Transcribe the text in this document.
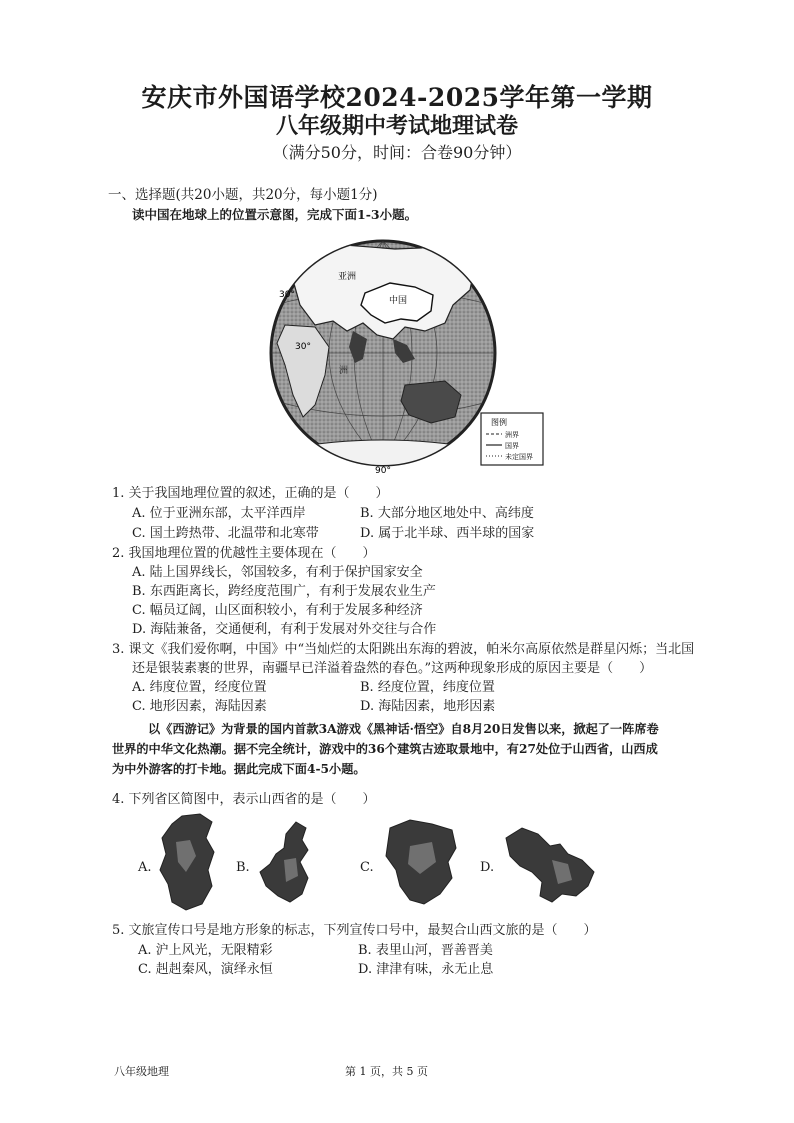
安庆市外国语学校2024-2025学年第一学期
八年级期中考试地理试卷
（满分50分，时间：合卷90分钟）
一、选择题(共20小题，共20分，每小题1分)
读中国在地球上的位置示意图，完成下面1-3小题。
亚洲
中国
30°
30°
洲
90°
图例
洲界
国界
未定国界
1. 关于我国地理位置的叙述，正确的是（　　）
A. 位于亚洲东部，太平洋西岸	B. 大部分地区地处中、高纬度
C. 国土跨热带、北温带和北寒带	D. 属于北半球、西半球的国家
2. 我国地理位置的优越性主要体现在（　　）
A. 陆上国界线长，邻国较多，有利于保护国家安全
B. 东西距离长，跨经度范围广，有利于发展农业生产
C. 幅员辽阔，山区面积较小，有利于发展多种经济
D. 海陆兼备，交通便利，有利于发展对外交往与合作
3. 课文《我们爱你啊，中国》中“当灿烂的太阳跳出东海的碧波，帕米尔高原依然是群星闪烁；当北国
还是银装素裹的世界，南疆早已洋溢着盎然的春色。”这两种现象形成的原因主要是（　　）
A. 纬度位置，经度位置	B. 经度位置，纬度位置
C. 地形因素，海陆因素	D. 海陆因素，地形因素
以《西游记》为背景的国内首款3A游戏《黑神话·悟空》自8月20日发售以来，掀起了一阵席卷
世界的中华文化热潮。据不完全统计，游戏中的36个建筑古迹取景地中，有27处位于山西省，山西成
为中外游客的打卡地。据此完成下面4-5小题。
4. 下列省区简图中，表示山西省的是（　　）
A.	B.	C.	D.
5. 文旅宣传口号是地方形象的标志，下列宣传口号中，最契合山西文旅的是（　　）
A. 沪上风光，无限精彩	B. 表里山河，晋善晋美
C. 赳赳秦风，演绎永恒	D. 津津有味，永无止息
八年级地理	第 1 页，共 5 页
